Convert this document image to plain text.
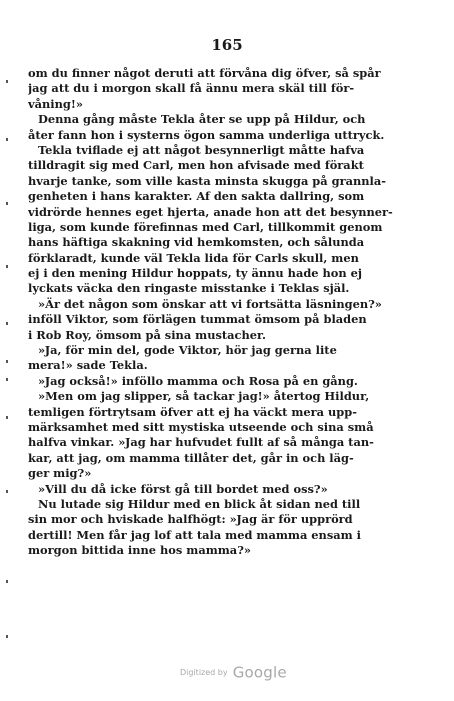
165
om du finner något deruti att förvåna dig öfver, så spår
jag att du i morgon skall få ännu mera skäl till för-
våning!»
Denna gång måste Tekla åter se upp på Hildur, och
åter fann hon i systerns ögon samma underliga uttryck.
Tekla tviflade ej att något besynnerligt måtte hafva
tilldragit sig med Carl, men hon afvisade med förakt
hvarje tanke, som ville kasta minsta skugga på grannla-
genheten i hans karakter. Af den sakta dallring, som
vidrörde hennes eget hjerta, anade hon att det besynner-
liga, som kunde förefinnas med Carl, tillkommit genom
hans häftiga skakning vid hemkomsten, och sålunda
förklaradt, kunde väl Tekla lida för Carls skull, men
ej i den mening Hildur hoppats, ty ännu hade hon ej
lyckats väcka den ringaste misstanke i Teklas själ.
»Är det någon som önskar att vi fortsätta läsningen?»
inföll Viktor, som förlägen tummat ömsom på bladen
i Rob Roy, ömsom på sina mustacher.
»Ja, för min del, gode Viktor, hör jag gerna lite
mera!» sade Tekla.
»Jag också!» inföllo mamma och Rosa på en gång.
»Men om jag slipper, så tackar jag!» återtog Hildur,
temligen förtrytsam öfver att ej ha väckt mera upp-
märksamhet med sitt mystiska utseende och sina små
halfva vinkar. »Jag har hufvudet fullt af så många tan-
kar, att jag, om mamma tillåter det, går in och läg-
ger mig?»
»Vill du då icke först gå till bordet med oss?»
Nu lutade sig Hildur med en blick åt sidan ned till
sin mor och hviskade halfhögt: »Jag är för upprörd
dertill! Men får jag lof att tala med mamma ensam i
morgon bittida inne hos mamma?»
Digitized by Google
